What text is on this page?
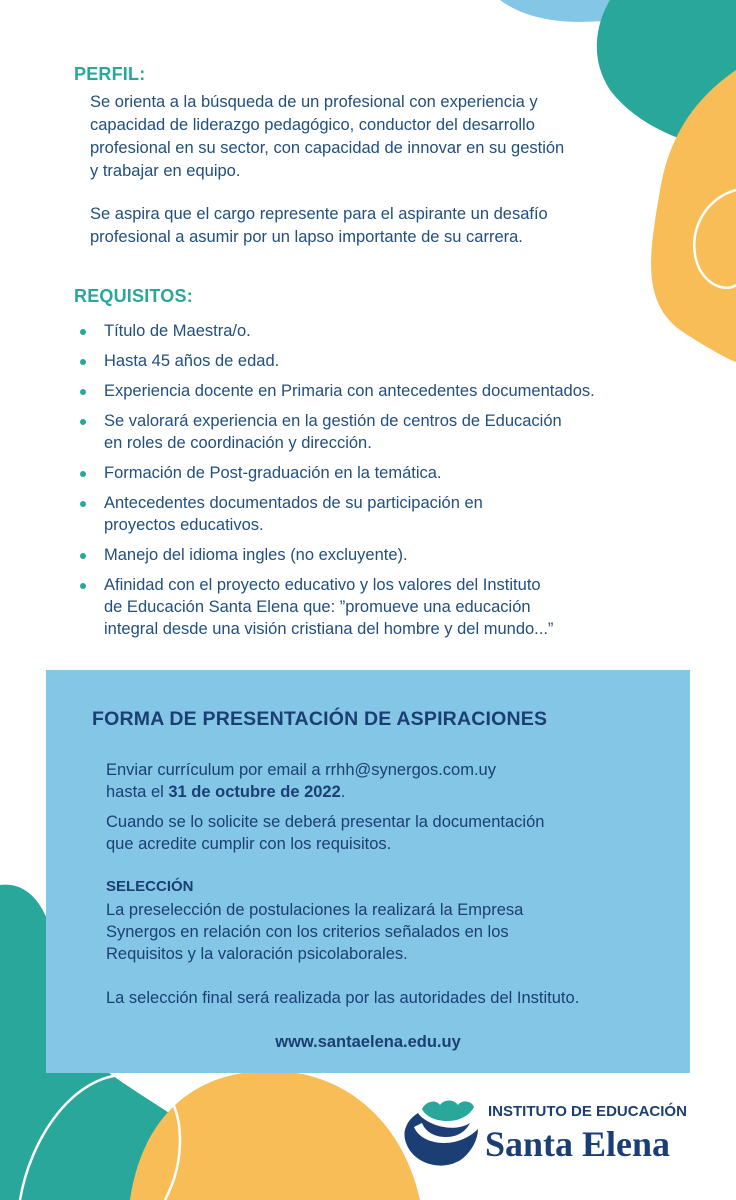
PERFIL:
Se orienta a la búsqueda de un profesional con experiencia y
capacidad de liderazgo pedagógico, conductor del desarrollo
profesional en su sector, con capacidad de innovar en su gestión
y trabajar en equipo.
Se aspira que el cargo represente para el aspirante un desafío
profesional a asumir por un lapso importante de su carrera.
REQUISITOS:
Título de Maestra/o.
Hasta 45 años de edad.
Experiencia docente en Primaria con antecedentes documentados.
Se valorará experiencia en la gestión de centros de Educación
en roles de coordinación y dirección.
Formación de Post-graduación en la temática.
Antecedentes documentados de su participación en
proyectos educativos.
Manejo del idioma ingles (no excluyente).
Afinidad con el proyecto educativo y los valores del Instituto
de Educación Santa Elena que: ”promueve una educación
integral desde una visión cristiana del hombre y del mundo...”
FORMA DE PRESENTACIÓN DE ASPIRACIONES
Enviar currículum por email a rrhh@synergos.com.uy
hasta el 31 de octubre de 2022.
Cuando se lo solicite se deberá presentar la documentación
que acredite cumplir con los requisitos.
SELECCIÓN
La preselección de postulaciones la realizará la Empresa
Synergos en relación con los criterios señalados en los
Requisitos y la valoración psicolaborales.
La selección final será realizada por las autoridades del Instituto.
www.santaelena.edu.uy
INSTITUTO DE EDUCACIÓN
Santa Elena
